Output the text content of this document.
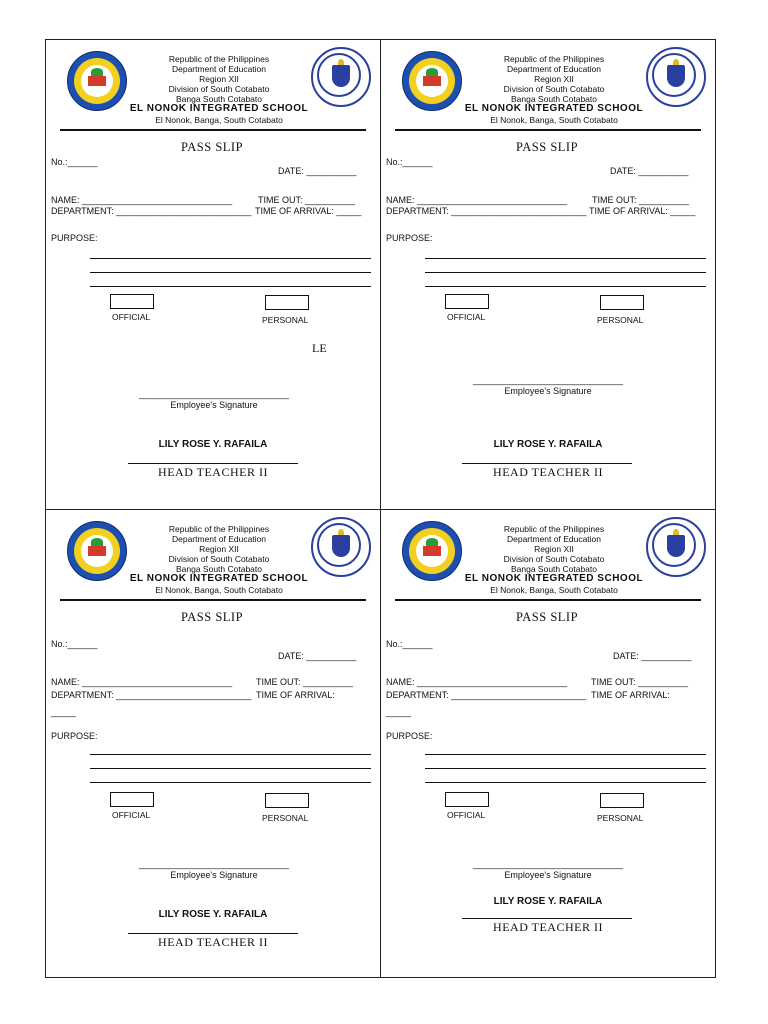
Republic of the Philippines
Department of Education
Region XII
Division of South Cotabato
Banga South Cotabato
EL NONOK INTEGRATED SCHOOL
El Nonok, Banga, South Cotabato
PASS SLIP
No.:______
DATE: __________
NAME: ______________________________	TIME OUT: __________
DEPARTMENT: ___________________________ TIME OF ARRIVAL: _____
PURPOSE:
OFFICIAL	PERSONAL
LE
______________________________
Employee's Signature
LILY ROSE Y. RAFAILA
HEAD TEACHER II
Republic of the Philippines
Department of Education
Region XII
Division of South Cotabato
Banga South Cotabato
EL NONOK INTEGRATED SCHOOL
El Nonok, Banga, South Cotabato
PASS SLIP
No.:______
DATE: __________
NAME: ______________________________	TIME OUT: __________
DEPARTMENT: ___________________________ TIME OF ARRIVAL: _____
PURPOSE:
OFFICIAL	PERSONAL
______________________________
Employee's Signature
LILY ROSE Y. RAFAILA
HEAD TEACHER II
Republic of the Philippines
Department of Education
Region XII
Division of South Cotabato
Banga South Cotabato
EL NONOK INTEGRATED SCHOOL
El Nonok, Banga, South Cotabato
PASS SLIP
No.:______
DATE: __________
NAME: ______________________________	TIME OUT: __________
DEPARTMENT: ___________________________ TIME OF ARRIVAL:
_____
PURPOSE:
OFFICIAL	PERSONAL
______________________________
Employee's Signature
LILY ROSE Y. RAFAILA
HEAD TEACHER II
Republic of the Philippines
Department of Education
Region XII
Division of South Cotabato
Banga South Cotabato
EL NONOK INTEGRATED SCHOOL
El Nonok, Banga, South Cotabato
PASS SLIP
No.:______
DATE: __________
NAME: ______________________________	TIME OUT: __________
DEPARTMENT: ___________________________ TIME OF ARRIVAL:
_____
PURPOSE:
OFFICIAL	PERSONAL
______________________________
Employee's Signature
LILY ROSE Y. RAFAILA
HEAD TEACHER II
